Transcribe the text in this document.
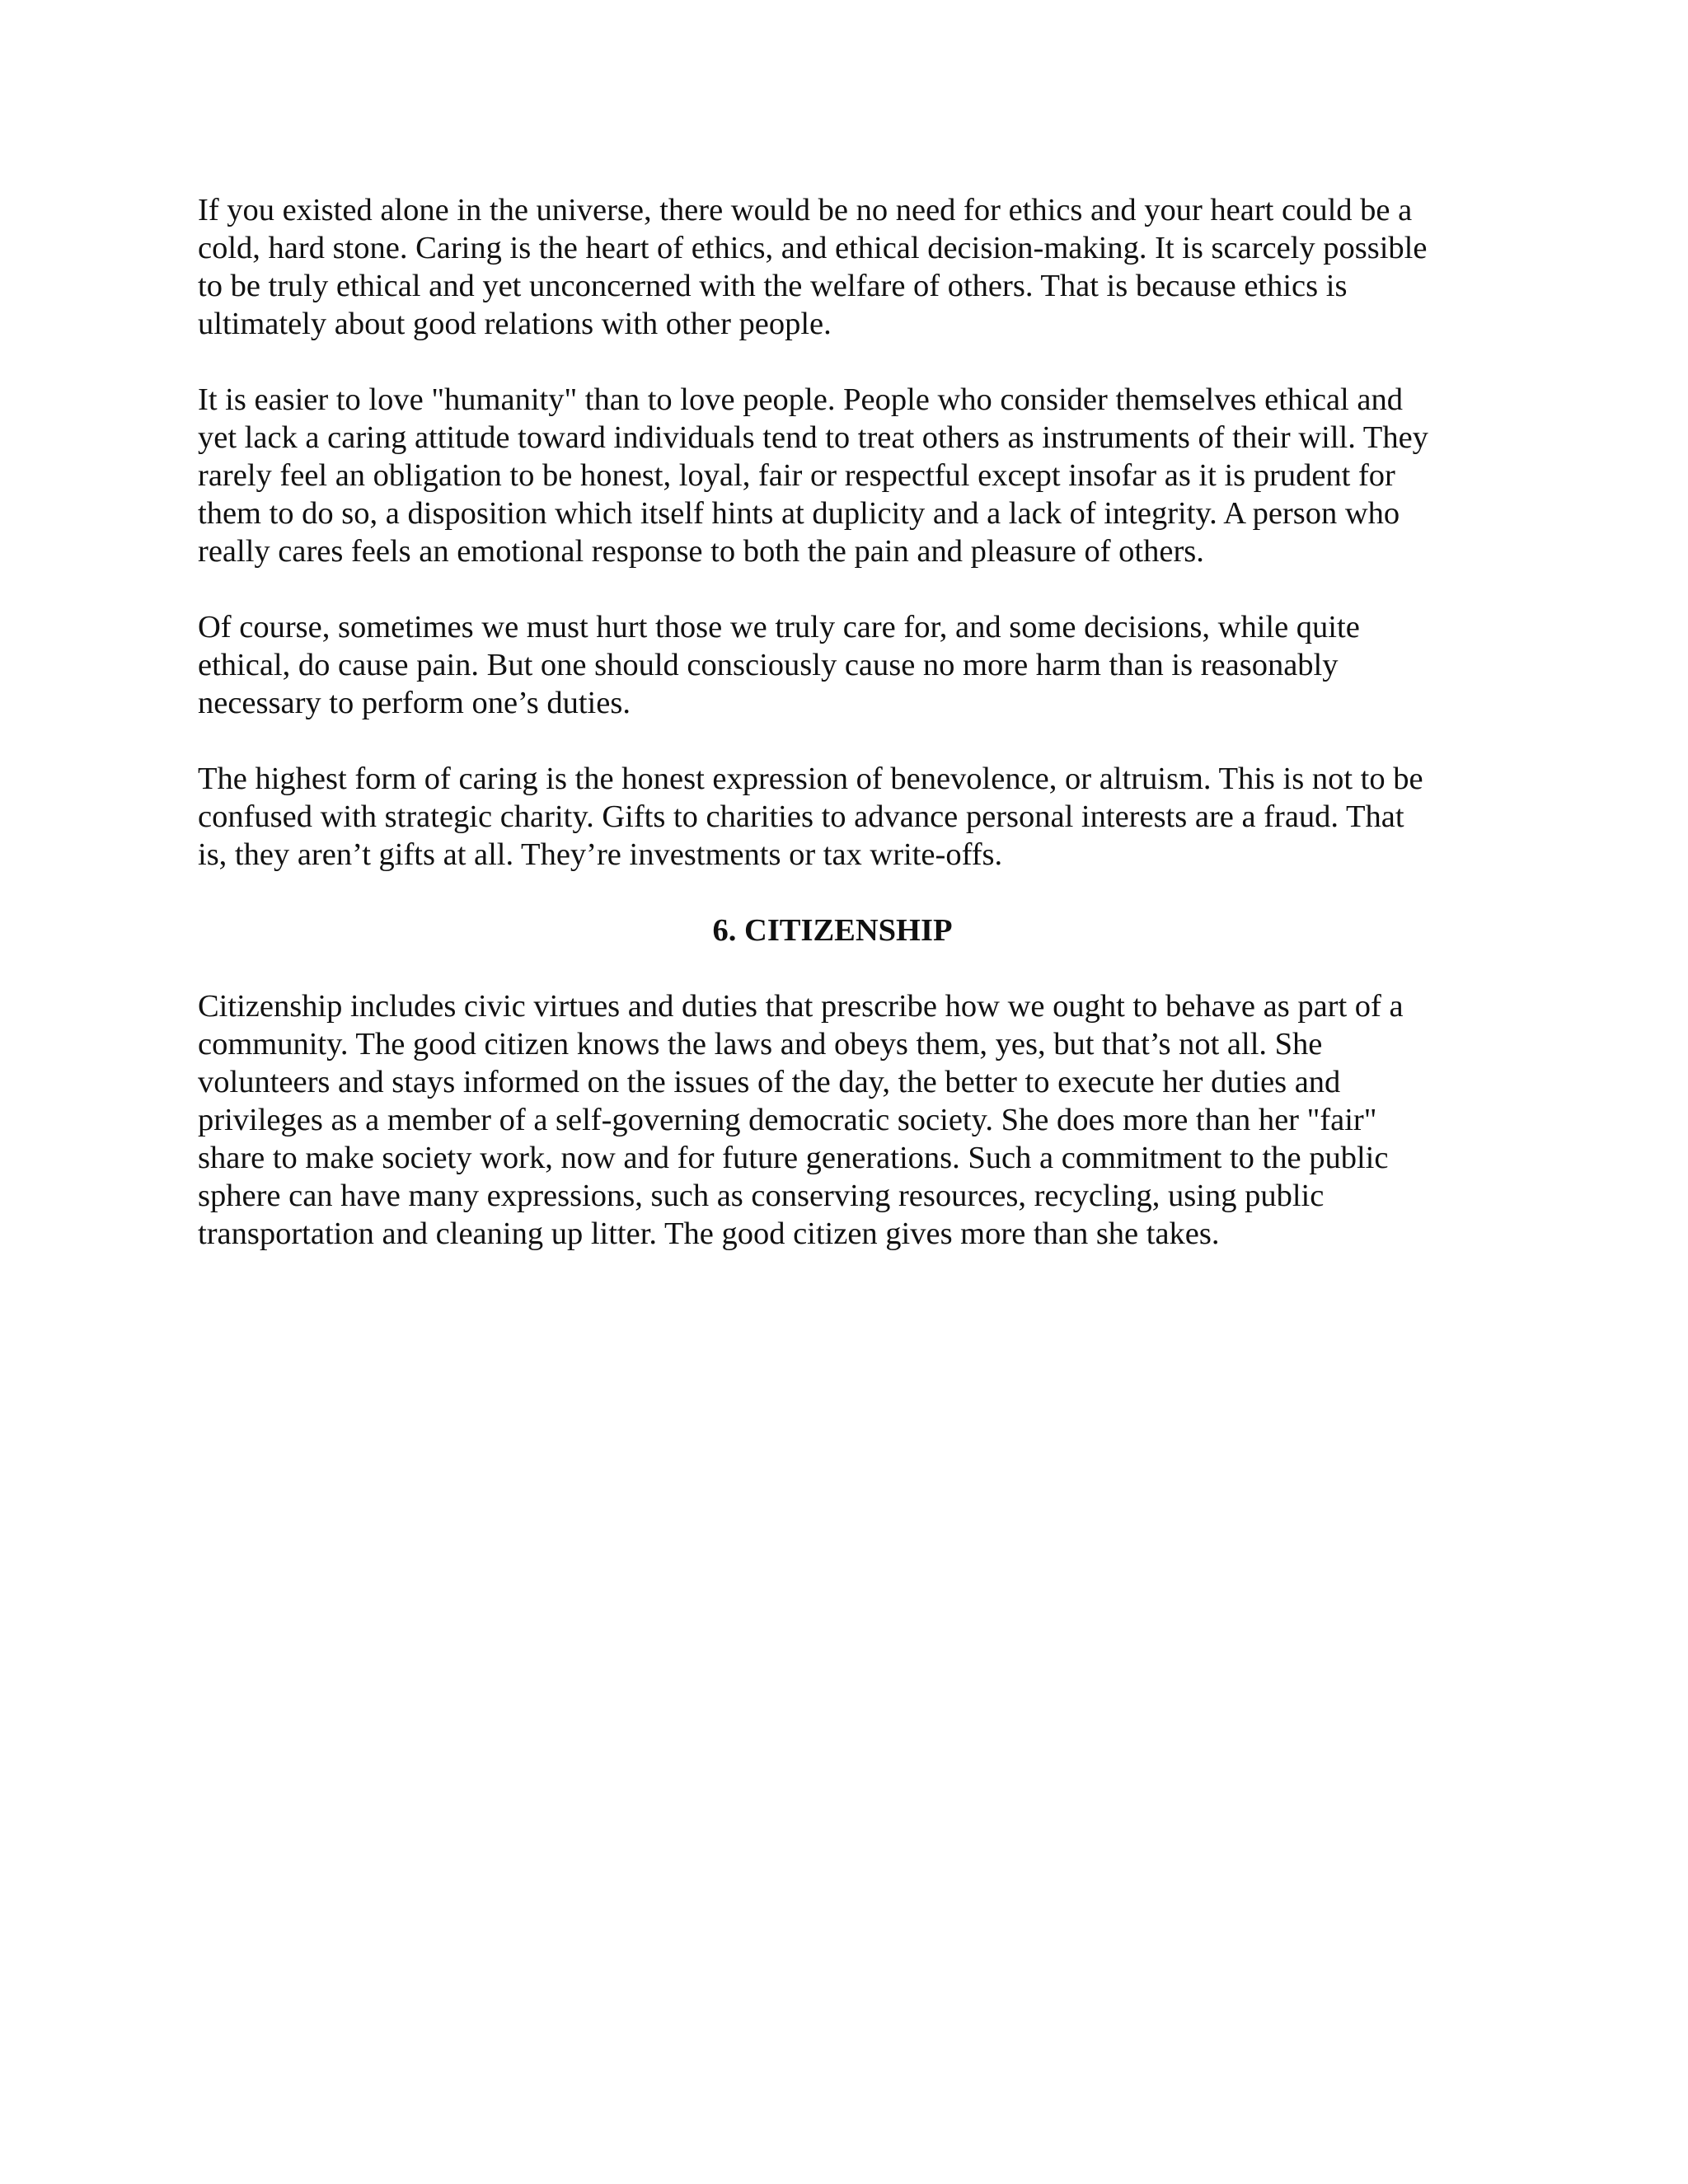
If you existed alone in the universe, there would be no need for ethics and your heart could be a
cold, hard stone. Caring is the heart of ethics, and ethical decision-making. It is scarcely possible
to be truly ethical and yet unconcerned with the welfare of others. That is because ethics is
ultimately about good relations with other people.
It is easier to love "humanity" than to love people. People who consider themselves ethical and
yet lack a caring attitude toward individuals tend to treat others as instruments of their will. They
rarely feel an obligation to be honest, loyal, fair or respectful except insofar as it is prudent for
them to do so, a disposition which itself hints at duplicity and a lack of integrity. A person who
really cares feels an emotional response to both the pain and pleasure of others.
Of course, sometimes we must hurt those we truly care for, and some decisions, while quite
ethical, do cause pain. But one should consciously cause no more harm than is reasonably
necessary to perform one’s duties.
The highest form of caring is the honest expression of benevolence, or altruism. This is not to be
confused with strategic charity. Gifts to charities to advance personal interests are a fraud. That
is, they aren’t gifts at all. They’re investments or tax write-offs.
6. CITIZENSHIP
Citizenship includes civic virtues and duties that prescribe how we ought to behave as part of a
community. The good citizen knows the laws and obeys them, yes, but that’s not all. She
volunteers and stays informed on the issues of the day, the better to execute her duties and
privileges as a member of a self-governing democratic society. She does more than her "fair"
share to make society work, now and for future generations. Such a commitment to the public
sphere can have many expressions, such as conserving resources, recycling, using public
transportation and cleaning up litter. The good citizen gives more than she takes.
